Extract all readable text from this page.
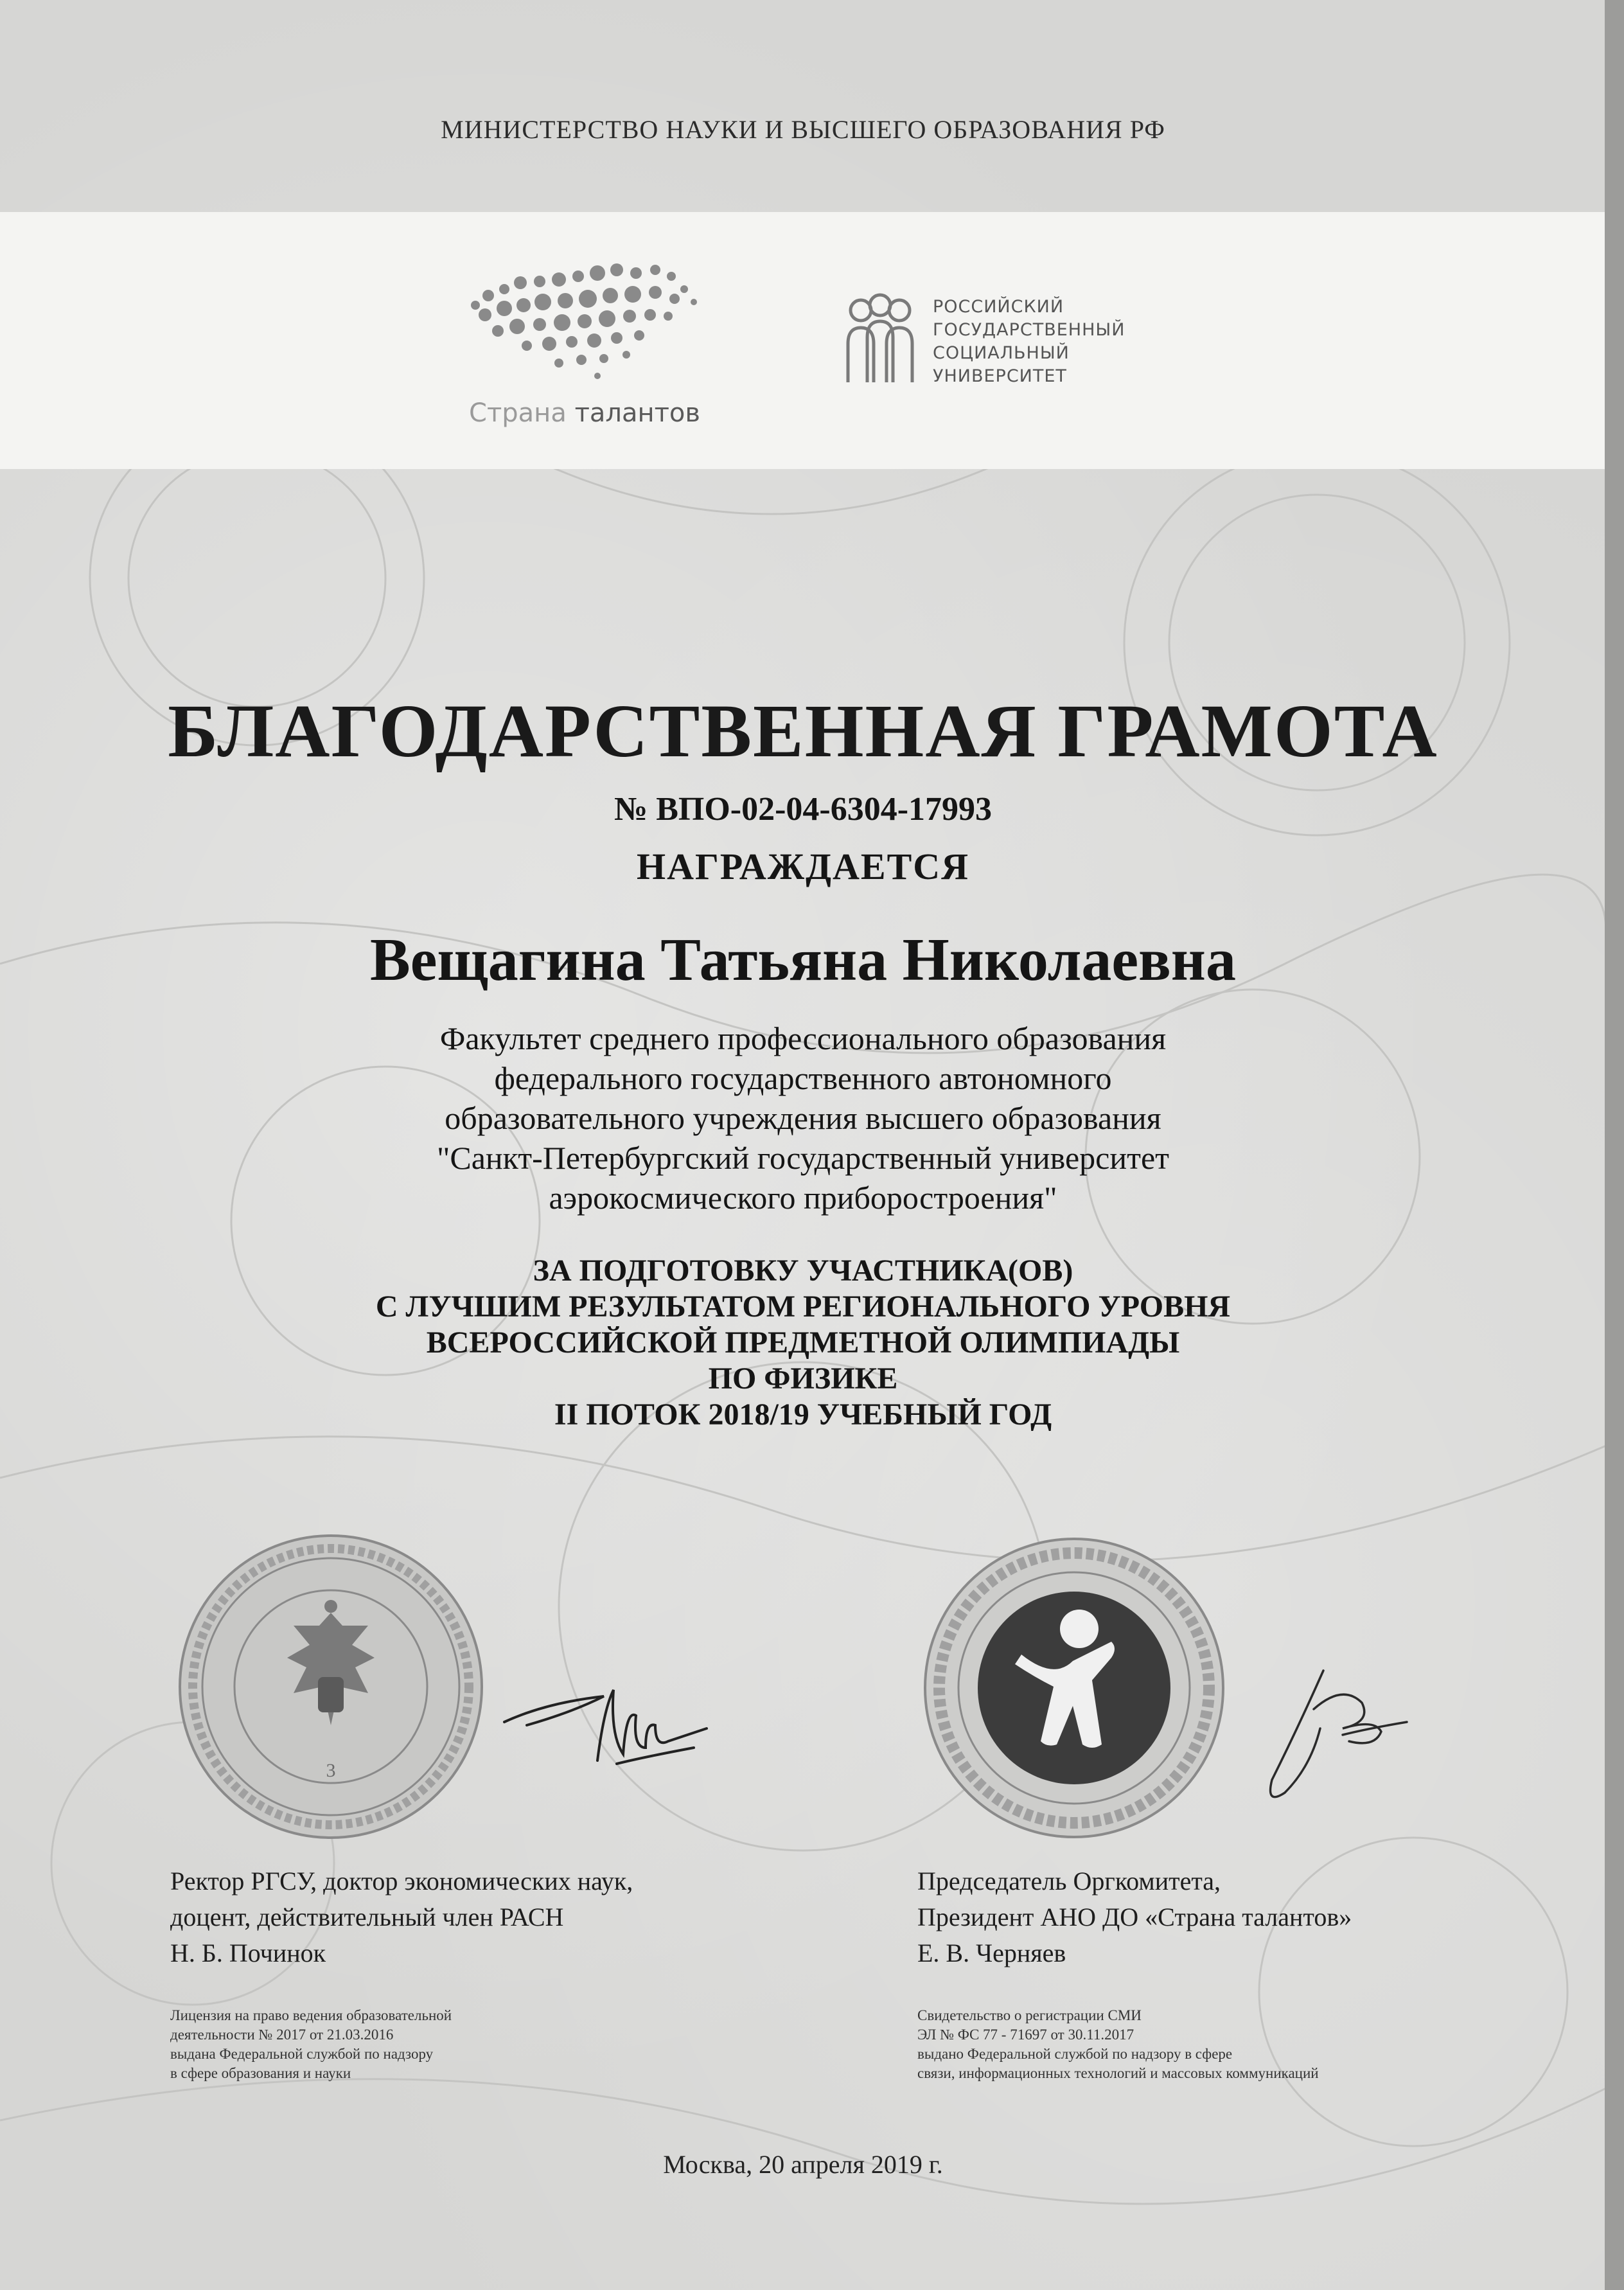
МИНИСТЕРСТВО НАУКИ И ВЫСШЕГО ОБРАЗОВАНИЯ РФ
Страна талантов
РОССИЙСКИЙ
ГОСУДАРСТВЕННЫЙ
СОЦИАЛЬНЫЙ
УНИВЕРСИТЕТ
БЛАГОДАРСТВЕННАЯ ГРАМОТА
№ ВПО-02-04-6304-17993
НАГРАЖДАЕТСЯ
Вещагина Татьяна Николаевна
Факультет среднего профессионального образования
федерального государственного автономного
образовательного учреждения высшего образования
"Санкт-Петербургский государственный университет
аэрокосмического приборостроения"
ЗА ПОДГОТОВКУ УЧАСТНИКА(ОВ)
С ЛУЧШИМ РЕЗУЛЬТАТОМ РЕГИОНАЛЬНОГО УРОВНЯ
ВСЕРОССИЙСКОЙ ПРЕДМЕТНОЙ ОЛИМПИАДЫ
ПО ФИЗИКЕ
II ПОТОК 2018/19 УЧЕБНЫЙ ГОД
3
Ректор РГСУ, доктор экономических наук,
доцент, действительный член РАСН
Н. Б. Починок
Председатель Оргкомитета,
Президент АНО ДО «Страна талантов»
Е. В. Черняев
Лицензия на право ведения образовательной
деятельности № 2017 от 21.03.2016
выдана Федеральной службой по надзору
в сфере образования и науки
Свидетельство о регистрации СМИ
ЭЛ № ФС 77 - 71697 от 30.11.2017
выдано Федеральной службой по надзору в сфере
связи, информационных технологий и массовых коммуникаций
Москва, 20 апреля 2019 г.
